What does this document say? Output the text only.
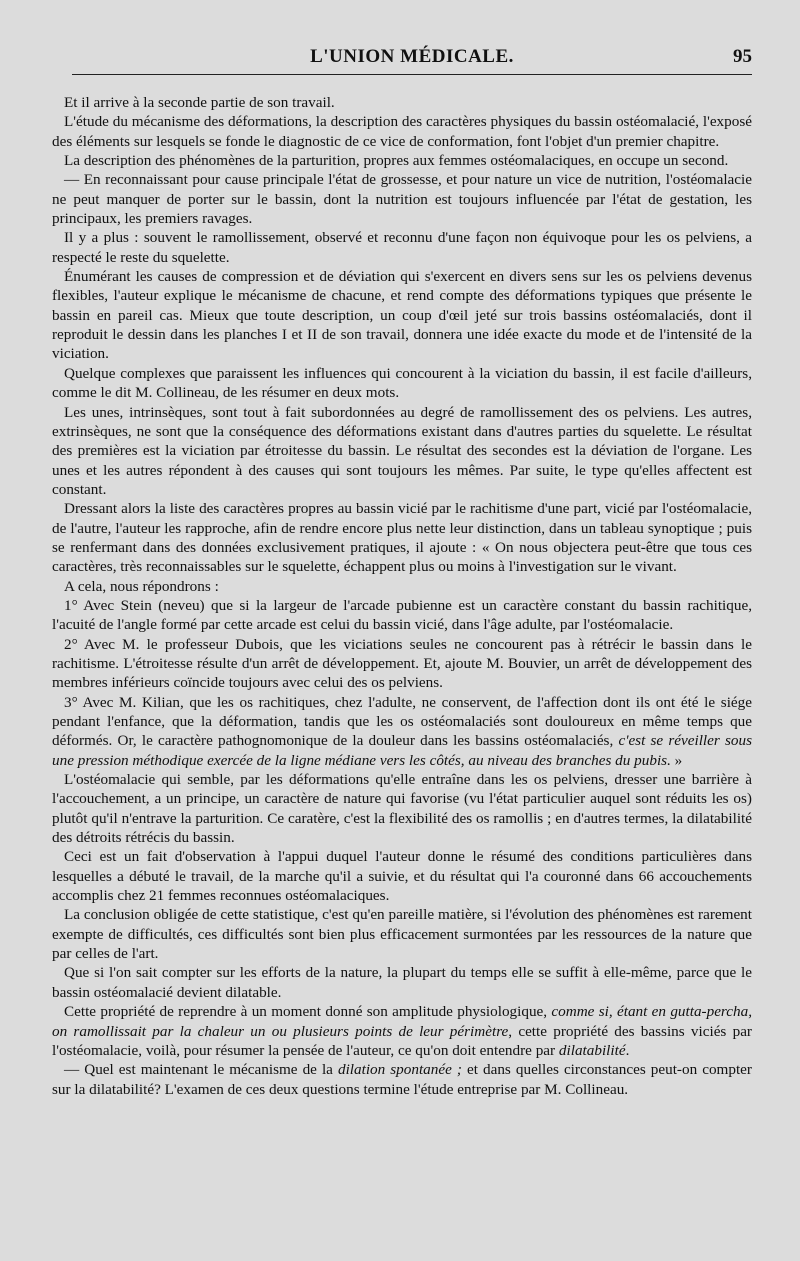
L'UNION MÉDICALE.	95

Et il arrive à la seconde partie de son travail.

L'étude du mécanisme des déformations, la description des caractères physiques du bassin ostéomalacié, l'exposé des éléments sur lesquels se fonde le diagnostic de ce vice de conformation, font l'objet d'un premier chapitre.

La description des phénomènes de la parturition, propres aux femmes ostéomalaciques, en occupe un second.

— En reconnaissant pour cause principale l'état de grossesse, et pour nature un vice de nutrition, l'ostéomalacie ne peut manquer de porter sur le bassin, dont la nutrition est toujours influencée par l'état de gestation, les principaux, les premiers ravages.

Il y a plus : souvent le ramollissement, observé et reconnu d'une façon non équivoque pour les os pelviens, a respecté le reste du squelette.

Énumérant les causes de compression et de déviation qui s'exercent en divers sens sur les os pelviens devenus flexibles, l'auteur explique le mécanisme de chacune, et rend compte des déformations typiques que présente le bassin en pareil cas. Mieux que toute description, un coup d'œil jeté sur trois bassins ostéomalaciés, dont il reproduit le dessin dans les planches I et II de son travail, donnera une idée exacte du mode et de l'intensité de la viciation.

Quelque complexes que paraissent les influences qui concourent à la viciation du bassin, il est facile d'ailleurs, comme le dit M. Collineau, de les résumer en deux mots.

Les unes, intrinsèques, sont tout à fait subordonnées au degré de ramollissement des os pelviens. Les autres, extrinsèques, ne sont que la conséquence des déformations existant dans d'autres parties du squelette. Le résultat des premières est la viciation par étroitesse du bassin. Le résultat des secondes est la déviation de l'organe. Les unes et les autres répondent à des causes qui sont toujours les mêmes. Par suite, le type qu'elles affectent est constant.

Dressant alors la liste des caractères propres au bassin vicié par le rachitisme d'une part, vicié par l'ostéomalacie, de l'autre, l'auteur les rapproche, afin de rendre encore plus nette leur distinction, dans un tableau synoptique ; puis se renfermant dans des données exclusivement pratiques, il ajoute : « On nous objectera peut-être que tous ces caractères, très reconnaissables sur le squelette, échappent plus ou moins à l'investigation sur le vivant.

A cela, nous répondrons :

1° Avec Stein (neveu) que si la largeur de l'arcade pubienne est un caractère constant du bassin rachitique, l'acuité de l'angle formé par cette arcade est celui du bassin vicié, dans l'âge adulte, par l'ostéomalacie.

2° Avec M. le professeur Dubois, que les viciations seules ne concourent pas à rétrécir le bassin dans le rachitisme. L'étroitesse résulte d'un arrêt de développement. Et, ajoute M. Bouvier, un arrêt de développement des membres inférieurs coïncide toujours avec celui des os pelviens.

3° Avec M. Kilian, que les os rachitiques, chez l'adulte, ne conservent, de l'affection dont ils ont été le siége pendant l'enfance, que la déformation, tandis que les os ostéomalaciés sont douloureux en même temps que déformés. Or, le caractère pathognomonique de la douleur dans les bassins ostéomalaciés, c'est se réveiller sous une pression méthodique exercée de la ligne médiane vers les côtés, au niveau des branches du pubis. »

L'ostéomalacie qui semble, par les déformations qu'elle entraîne dans les os pelviens, dresser une barrière à l'accouchement, a un principe, un caractère de nature qui favorise (vu l'état particulier auquel sont réduits les os) plutôt qu'il n'entrave la parturition. Ce caratère, c'est la flexibilité des os ramollis ; en d'autres termes, la dilatabilité des détroits rétrécis du bassin.

Ceci est un fait d'observation à l'appui duquel l'auteur donne le résumé des conditions particulières dans lesquelles a débuté le travail, de la marche qu'il a suivie, et du résultat qui l'a couronné dans 66 accouchements accomplis chez 21 femmes reconnues ostéomalaciques.

La conclusion obligée de cette statistique, c'est qu'en pareille matière, si l'évolution des phénomènes est rarement exempte de difficultés, ces difficultés sont bien plus efficacement surmontées par les ressources de la nature que par celles de l'art.

Que si l'on sait compter sur les efforts de la nature, la plupart du temps elle se suffit à elle-même, parce que le bassin ostéomalacié devient dilatable.

Cette propriété de reprendre à un moment donné son amplitude physiologique, comme si, étant en gutta-percha, on ramollissait par la chaleur un ou plusieurs points de leur périmètre, cette propriété des bassins viciés par l'ostéomalacie, voilà, pour résumer la pensée de l'auteur, ce qu'on doit entendre par dilatabilité.

— Quel est maintenant le mécanisme de la dilation spontanée ; et dans quelles circonstances peut-on compter sur la dilatabilité? L'examen de ces deux questions termine l'étude entreprise par M. Collineau.
